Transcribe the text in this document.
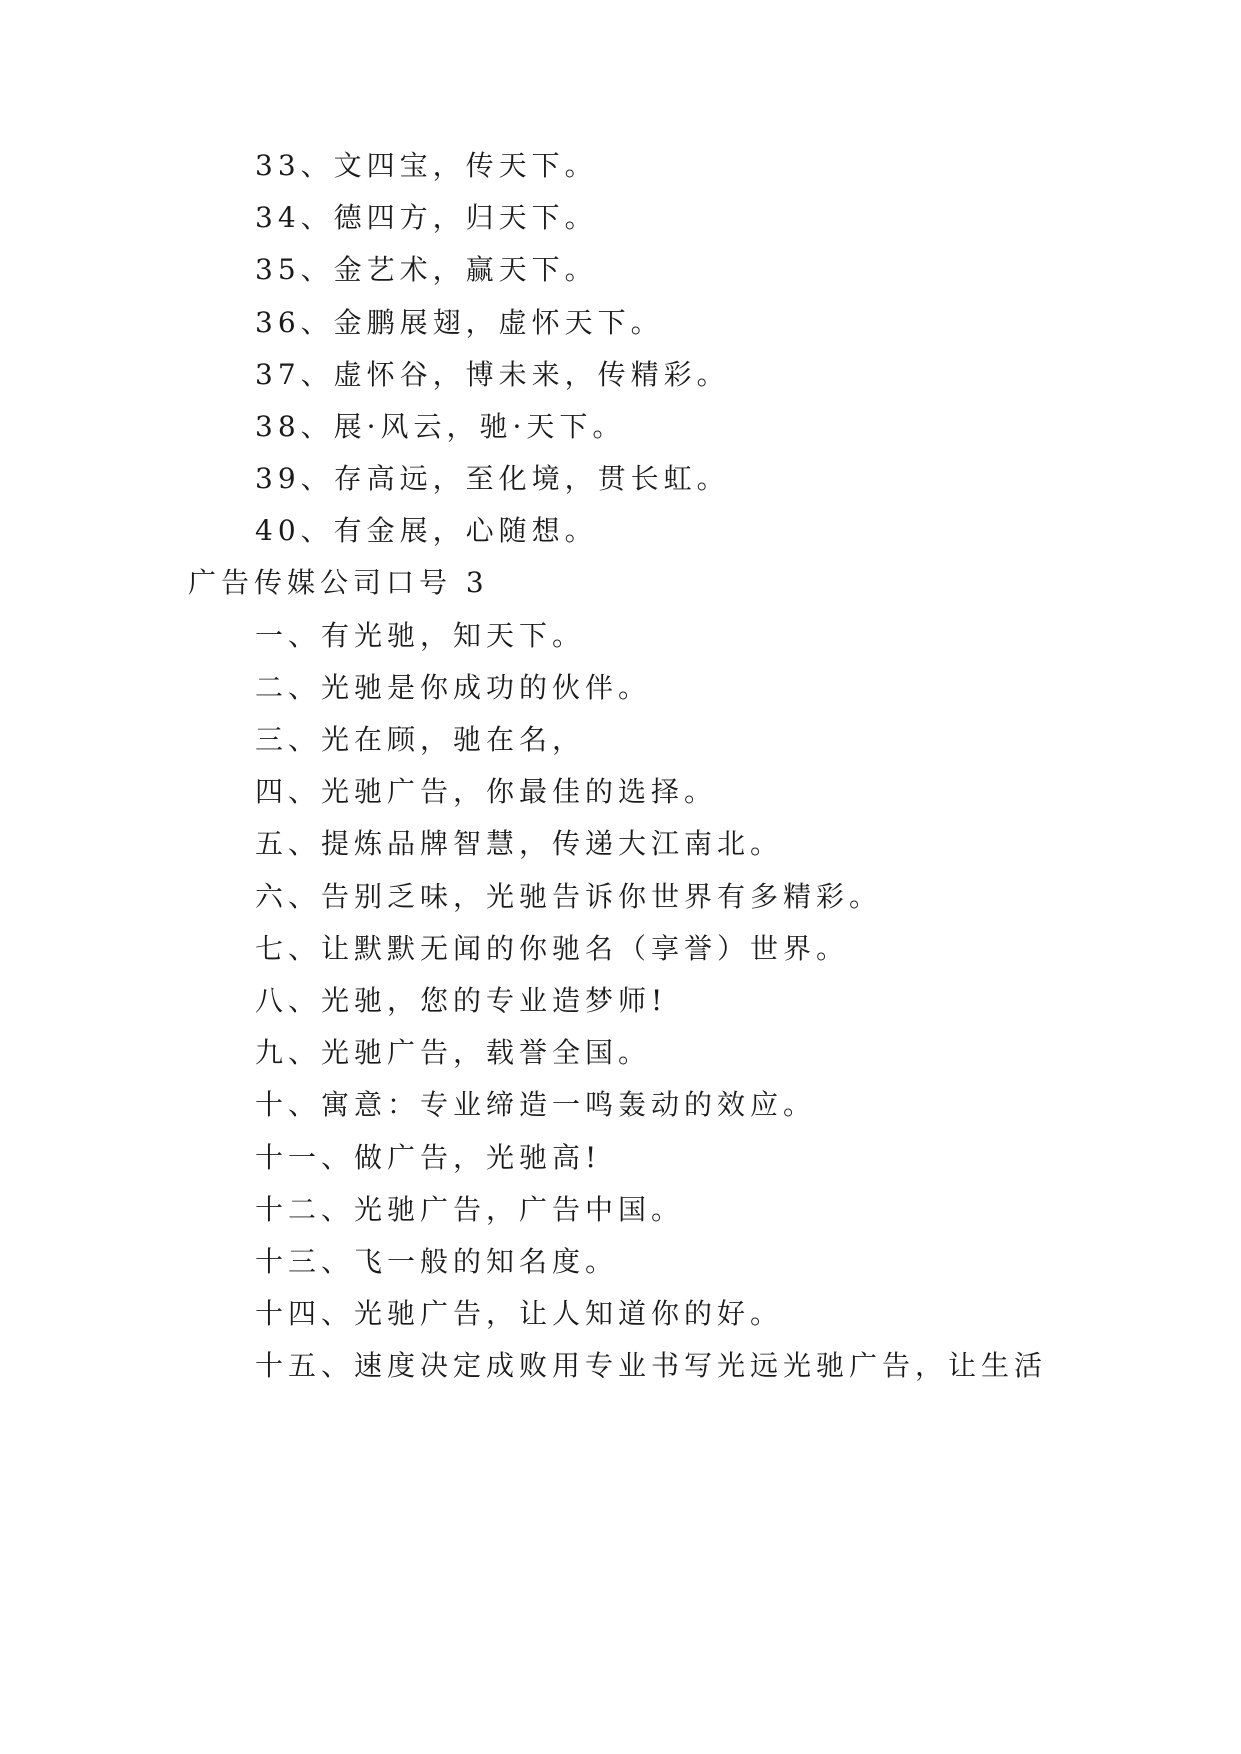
33、文四宝，传天下。
34、德四方，归天下。
35、金艺术，赢天下。
36、金鹏展翅，虚怀天下。
37、虚怀谷，博未来，传精彩。
38、展·风云，驰·天下。
39、存高远，至化境，贯长虹。
40、有金展，心随想。
广告传媒公司口号 3
一、有光驰，知天下。
二、光驰是你成功的伙伴。
三、光在顾，驰在名，
四、光驰广告，你最佳的选择。
五、提炼品牌智慧，传递大江南北。
六、告别乏味，光驰告诉你世界有多精彩。
七、让默默无闻的你驰名（享誉）世界。
八、光驰，您的专业造梦师!
九、光驰广告，载誉全国。
十、寓意：专业缔造一鸣轰动的效应。
十一、做广告，光驰高!
十二、光驰广告，广告中国。
十三、飞一般的知名度。
十四、光驰广告，让人知道你的好。
十五、速度决定成败用专业书写光远光驰广告，让生活
